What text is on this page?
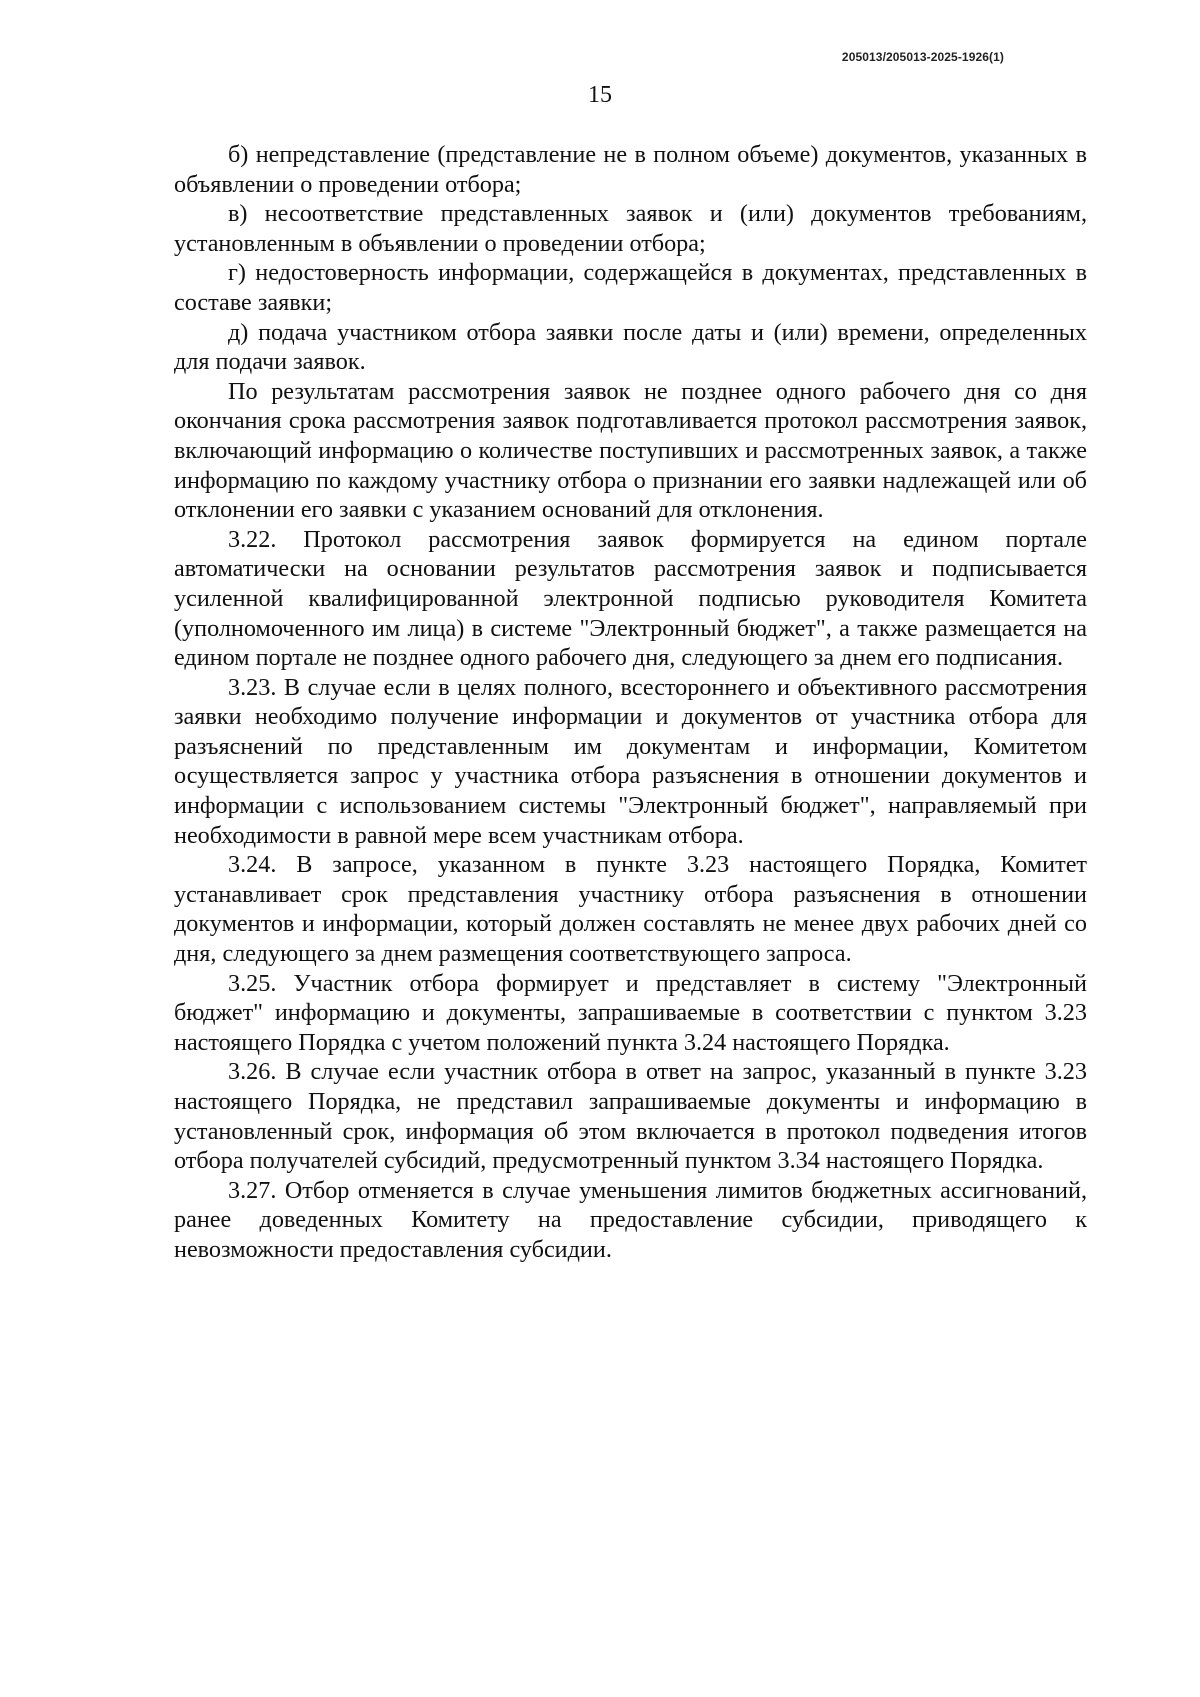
205013/205013-2025-1926(1)
15

б) непредставление (представление не в полном объеме) документов, указанных в объявлении о проведении отбора;

в) несоответствие представленных заявок и (или) документов требованиям, установленным в объявлении о проведении отбора;

г) недостоверность информации, содержащейся в документах, представленных в составе заявки;

д) подача участником отбора заявки после даты и (или) времени, определенных для подачи заявок.

По результатам рассмотрения заявок не позднее одного рабочего дня со дня окончания срока рассмотрения заявок подготавливается протокол рассмотрения заявок, включающий информацию о количестве поступивших и рассмотренных заявок, а также информацию по каждому участнику отбора о признании его заявки надлежащей или об отклонении его заявки с указанием оснований для отклонения.

3.22. Протокол рассмотрения заявок формируется на едином портале автоматически на основании результатов рассмотрения заявок и подписывается усиленной квалифицированной электронной подписью руководителя Комитета (уполномоченного им лица) в системе "Электронный бюджет", а также размещается на едином портале не позднее одного рабочего дня, следующего за днем его подписания.

3.23. В случае если в целях полного, всестороннего и объективного рассмотрения заявки необходимо получение информации и документов от участника отбора для разъяснений по представленным им документам и информации, Комитетом осуществляется запрос у участника отбора разъяснения в отношении документов и информации с использованием системы "Электронный бюджет", направляемый при необходимости в равной мере всем участникам отбора.

3.24. В запросе, указанном в пункте 3.23 настоящего Порядка, Комитет устанавливает срок представления участнику отбора разъяснения в отношении документов и информации, который должен составлять не менее двух рабочих дней со дня, следующего за днем размещения соответствующего запроса.

3.25. Участник отбора формирует и представляет в систему "Электронный бюджет" информацию и документы, запрашиваемые в соответствии с пунктом 3.23 настоящего Порядка с учетом положений пункта 3.24 настоящего Порядка.

3.26. В случае если участник отбора в ответ на запрос, указанный в пункте 3.23 настоящего Порядка, не представил запрашиваемые документы и информацию в установленный срок, информация об этом включается в протокол подведения итогов отбора получателей субсидий, предусмотренный пунктом 3.34 настоящего Порядка.

3.27. Отбор отменяется в случае уменьшения лимитов бюджетных ассигнований, ранее доведенных Комитету на предоставление субсидии, приводящего к невозможности предоставления субсидии.
